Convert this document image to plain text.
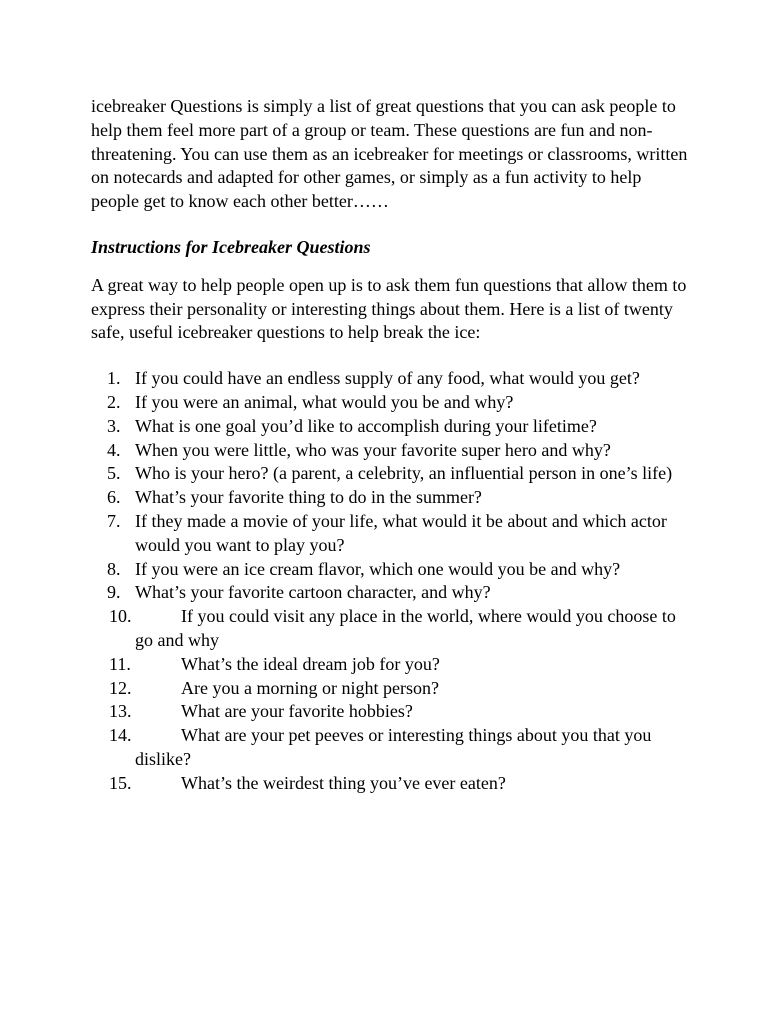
icebreaker Questions is simply a list of great questions that you can ask people to help them feel more part of a group or team. These questions are fun and non-threatening. You can use them as an icebreaker for meetings or classrooms, written on notecards and adapted for other games, or simply as a fun activity to help people get to know each other better……

Instructions for Icebreaker Questions

A great way to help people open up is to ask them fun questions that allow them to express their personality or interesting things about them. Here is a list of twenty safe, useful icebreaker questions to help break the ice:

1. If you could have an endless supply of any food, what would you get?
2. If you were an animal, what would you be and why?
3. What is one goal you’d like to accomplish during your lifetime?
4. When you were little, who was your favorite super hero and why?
5. Who is your hero? (a parent, a celebrity, an influential person in one’s life)
6. What’s your favorite thing to do in the summer?
7. If they made a movie of your life, what would it be about and which actor would you want to play you?
8. If you were an ice cream flavor, which one would you be and why?
9. What’s your favorite cartoon character, and why?
10.	If you could visit any place in the world, where would you choose to go and why
11.	What’s the ideal dream job for you?
12.	Are you a morning or night person?
13.	What are your favorite hobbies?
14.	What are your pet peeves or interesting things about you that you dislike?
15.	What’s the weirdest thing you’ve ever eaten?
